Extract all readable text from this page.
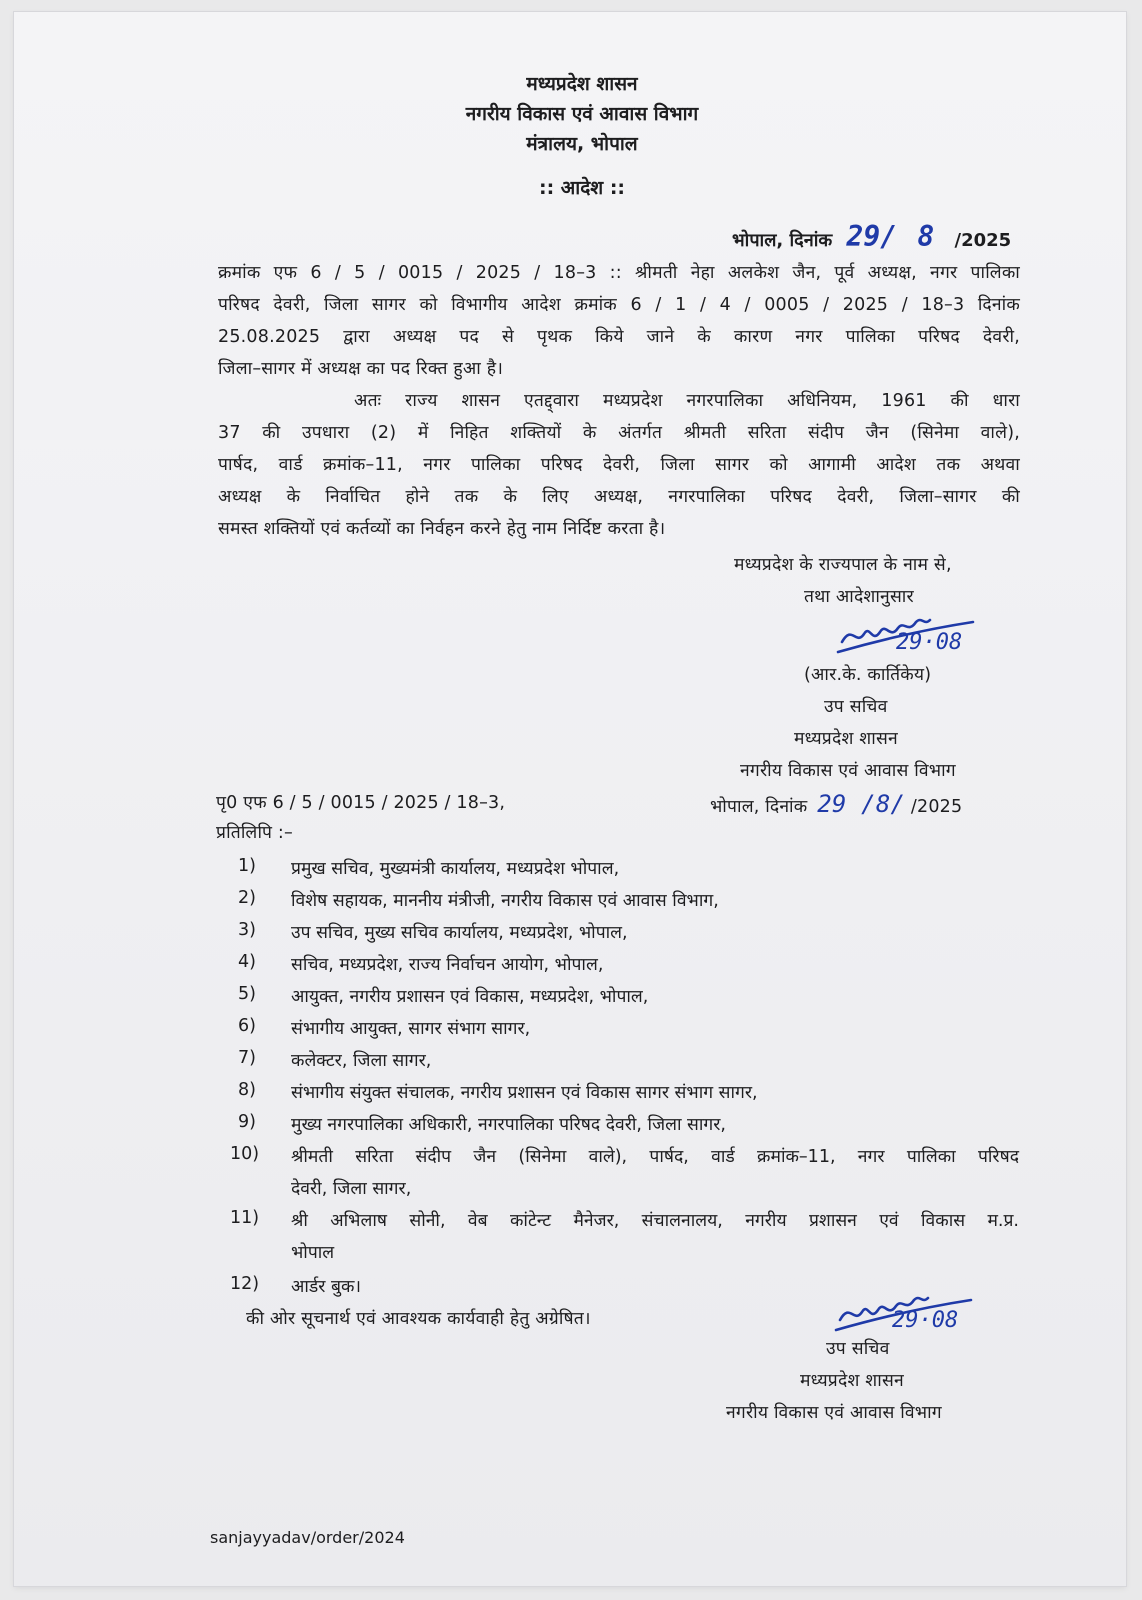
मध्यप्रदेश शासन
नगरीय विकास एवं आवास विभाग
मंत्रालय, भोपाल
:: आदेश ::
भोपाल, दिनांक 29/ 8 /2025
क्रमांक एफ 6 / 5 / 0015 / 2025 / 18–3 :: श्रीमती नेहा अलकेश जैन, पूर्व अध्यक्ष, नगर पालिका
परिषद देवरी, जिला सागर को विभागीय आदेश क्रमांक 6 / 1 / 4 / 0005 / 2025 / 18–3 दिनांक
25.08.2025 द्वारा अध्यक्ष पद से पृथक किये जाने के कारण नगर पालिका परिषद देवरी,
जिला–सागर में अध्यक्ष का पद रिक्त हुआ है।
अतः राज्य शासन एतद्द्वारा मध्यप्रदेश नगरपालिका अधिनियम, 1961 की धारा
37 की उपधारा (2) में निहित शक्तियों के अंतर्गत श्रीमती सरिता संदीप जैन (सिनेमा वाले),
पार्षद, वार्ड क्रमांक–11, नगर पालिका परिषद देवरी, जिला सागर को आगामी आदेश तक अथवा
अध्यक्ष के निर्वाचित होने तक के लिए अध्यक्ष, नगरपालिका परिषद देवरी, जिला–सागर की
समस्त शक्तियों एवं कर्तव्यों का निर्वहन करने हेतु नाम निर्दिष्ट करता है।
मध्यप्रदेश के राज्यपाल के नाम से,
तथा आदेशानुसार
29·08
(आर.के. कार्तिकेय)
उप सचिव
मध्यप्रदेश शासन
नगरीय विकास एवं आवास विभाग
पृ0 एफ 6 / 5 / 0015 / 2025 / 18–3,	भोपाल, दिनांक 29 /8/ /2025
प्रतिलिपि :–
1)	प्रमुख सचिव, मुख्यमंत्री कार्यालय, मध्यप्रदेश भोपाल,
2)	विशेष सहायक, माननीय मंत्रीजी, नगरीय विकास एवं आवास विभाग,
3)	उप सचिव, मुख्य सचिव कार्यालय, मध्यप्रदेश, भोपाल,
4)	सचिव, मध्यप्रदेश, राज्य निर्वाचन आयोग, भोपाल,
5)	आयुक्त, नगरीय प्रशासन एवं विकास, मध्यप्रदेश, भोपाल,
6)	संभागीय आयुक्त, सागर संभाग सागर,
7)	कलेक्टर, जिला सागर,
8)	संभागीय संयुक्त संचालक, नगरीय प्रशासन एवं विकास सागर संभाग सागर,
9)	मुख्य नगरपालिका अधिकारी, नगरपालिका परिषद देवरी, जिला सागर,
10)	श्रीमती सरिता संदीप जैन (सिनेमा वाले), पार्षद, वार्ड क्रमांक–11, नगर पालिका परिषद
देवरी, जिला सागर,
11)	श्री अभिलाष सोनी, वेब कांटेन्ट मैनेजर, संचालनालय, नगरीय प्रशासन एवं विकास म.प्र.
भोपाल
12)	आर्डर बुक।
की ओर सूचनार्थ एवं आवश्यक कार्यवाही हेतु अग्रेषित।	29·08
उप सचिव
मध्यप्रदेश शासन
नगरीय विकास एवं आवास विभाग
sanjayyadav/order/2024
